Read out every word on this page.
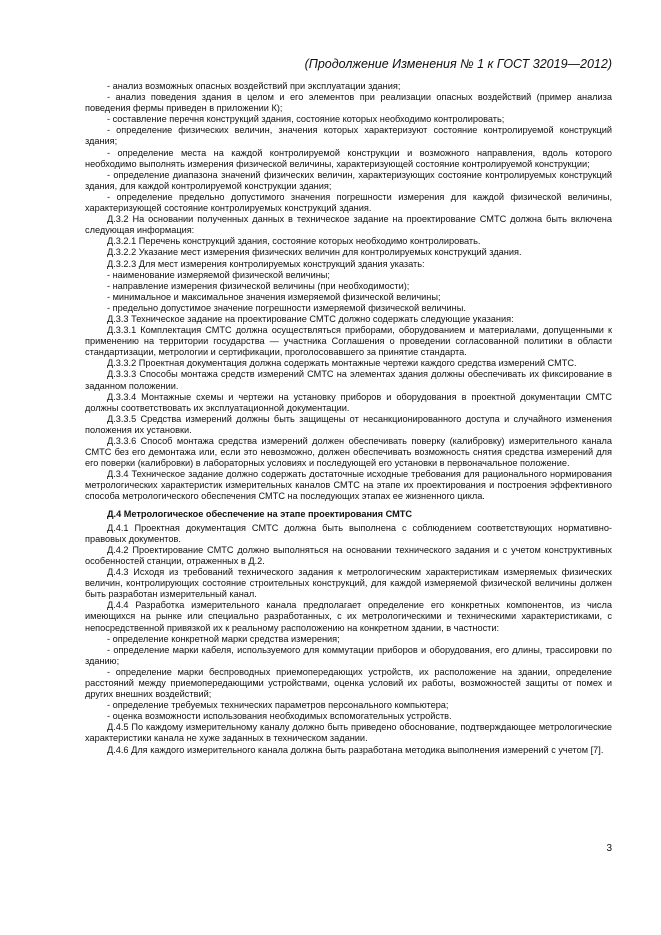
(Продолжение Изменения № 1 к ГОСТ 32019—2012)

- анализ возможных опасных воздействий при эксплуатации здания;

- анализ поведения здания в целом и его элементов при реализации опасных воздействий (пример анализа поведения фермы приведен в приложении К);

- составление перечня конструкций здания, состояние которых необходимо контролировать;

- определение физических величин, значения которых характеризуют состояние контролируемой конструкций здания;

- определение места на каждой контролируемой конструкции и возможного направления, вдоль которого необходимо выполнять измерения физической величины, характеризующей состояние контролируемой конструкции;

- определение диапазона значений физических величин, характеризующих состояние контролируемых конструкций здания, для каждой контролируемой конструкции здания;

- определение предельно допустимого значения погрешности измерения для каждой физической величины, характеризующей состояние контролируемых конструкций здания.

Д.3.2 На основании полученных данных в техническое задание на проектирование СМТС должна быть включена следующая информация:

Д.3.2.1 Перечень конструкций здания, состояние которых необходимо контролировать.

Д.3.2.2 Указание мест измерения физических величин для контролируемых конструкций здания.

Д.3.2.3 Для мест измерения контролируемых конструкций здания указать:

- наименование измеряемой физической величины;

- направление измерения физической величины (при необходимости);

- минимальное и максимальное значения измеряемой физической величины;

- предельно допустимое значение погрешности измеряемой физической величины.

Д.3.3 Техническое задание на проектирование СМТС должно содержать следующие указания:

Д.3.3.1 Комплектация СМТС должна осуществляться приборами, оборудованием и материалами, допущенными к применению на территории государства — участника Соглашения о проведении согласованной политики в области стандартизации, метрологии и сертификации, проголосовавшего за принятие стандарта.

Д.3.3.2 Проектная документация должна содержать монтажные чертежи каждого средства измерений СМТС.

Д.3.3.3 Способы монтажа средств измерений СМТС на элементах здания должны обеспечивать их фиксирование в заданном положении.

Д.3.3.4 Монтажные схемы и чертежи на установку приборов и оборудования в проектной документации СМТС должны соответствовать их эксплуатационной документации.

Д.3.3.5 Средства измерений должны быть защищены от несанкционированного доступа и случайного изменения положения их установки.

Д.3.3.6 Способ монтажа средства измерений должен обеспечивать поверку (калибровку) измерительного канала СМТС без его демонтажа или, если это невозможно, должен обеспечивать возможность снятия средства измерений для его поверки (калибровки) в лабораторных условиях и последующей его установки в первоначальное положение.

Д.3.4 Техническое задание должно содержать достаточные исходные требования для рационального нормирования метрологических характеристик измерительных каналов СМТС на этапе их проектирования и построения эффективного способа метрологического обеспечения СМТС на последующих этапах ее жизненного цикла.

Д.4 Метрологическое обеспечение на этапе проектирования СМТС

Д.4.1 Проектная документация СМТС должна быть выполнена с соблюдением соответствующих нормативно-правовых документов.

Д.4.2 Проектирование СМТС должно выполняться на основании технического задания и с учетом конструктивных особенностей станции, отраженных в Д.2.

Д.4.3 Исходя из требований технического задания к метрологическим характеристикам измеряемых физических величин, контролирующих состояние строительных конструкций, для каждой измеряемой физической величины должен быть разработан измерительный канал.

Д.4.4 Разработка измерительного канала предполагает определение его конкретных компонентов, из числа имеющихся на рынке или специально разработанных, с их метрологическими и техническими характеристиками, с непосредственной привязкой их к реальному расположению на конкретном здании, в частности:

- определение конкретной марки средства измерения;

- определение марки кабеля, используемого для коммутации приборов и оборудования, его длины, трассировки по зданию;

- определение марки беспроводных приемопередающих устройств, их расположение на здании, определение расстояний между приемопередающими устройствами, оценка условий их работы, возможностей защиты от помех и других внешних воздействий;

- определение требуемых технических параметров персонального компьютера;

- оценка возможности использования необходимых вспомогательных устройств.

Д.4.5 По каждому измерительному каналу должно быть приведено обоснование, подтверждающее метрологические характеристики канала не хуже заданных в техническом задании.

Д.4.6 Для каждого измерительного канала должна быть разработана методика выполнения измерений с учетом [7].

3
